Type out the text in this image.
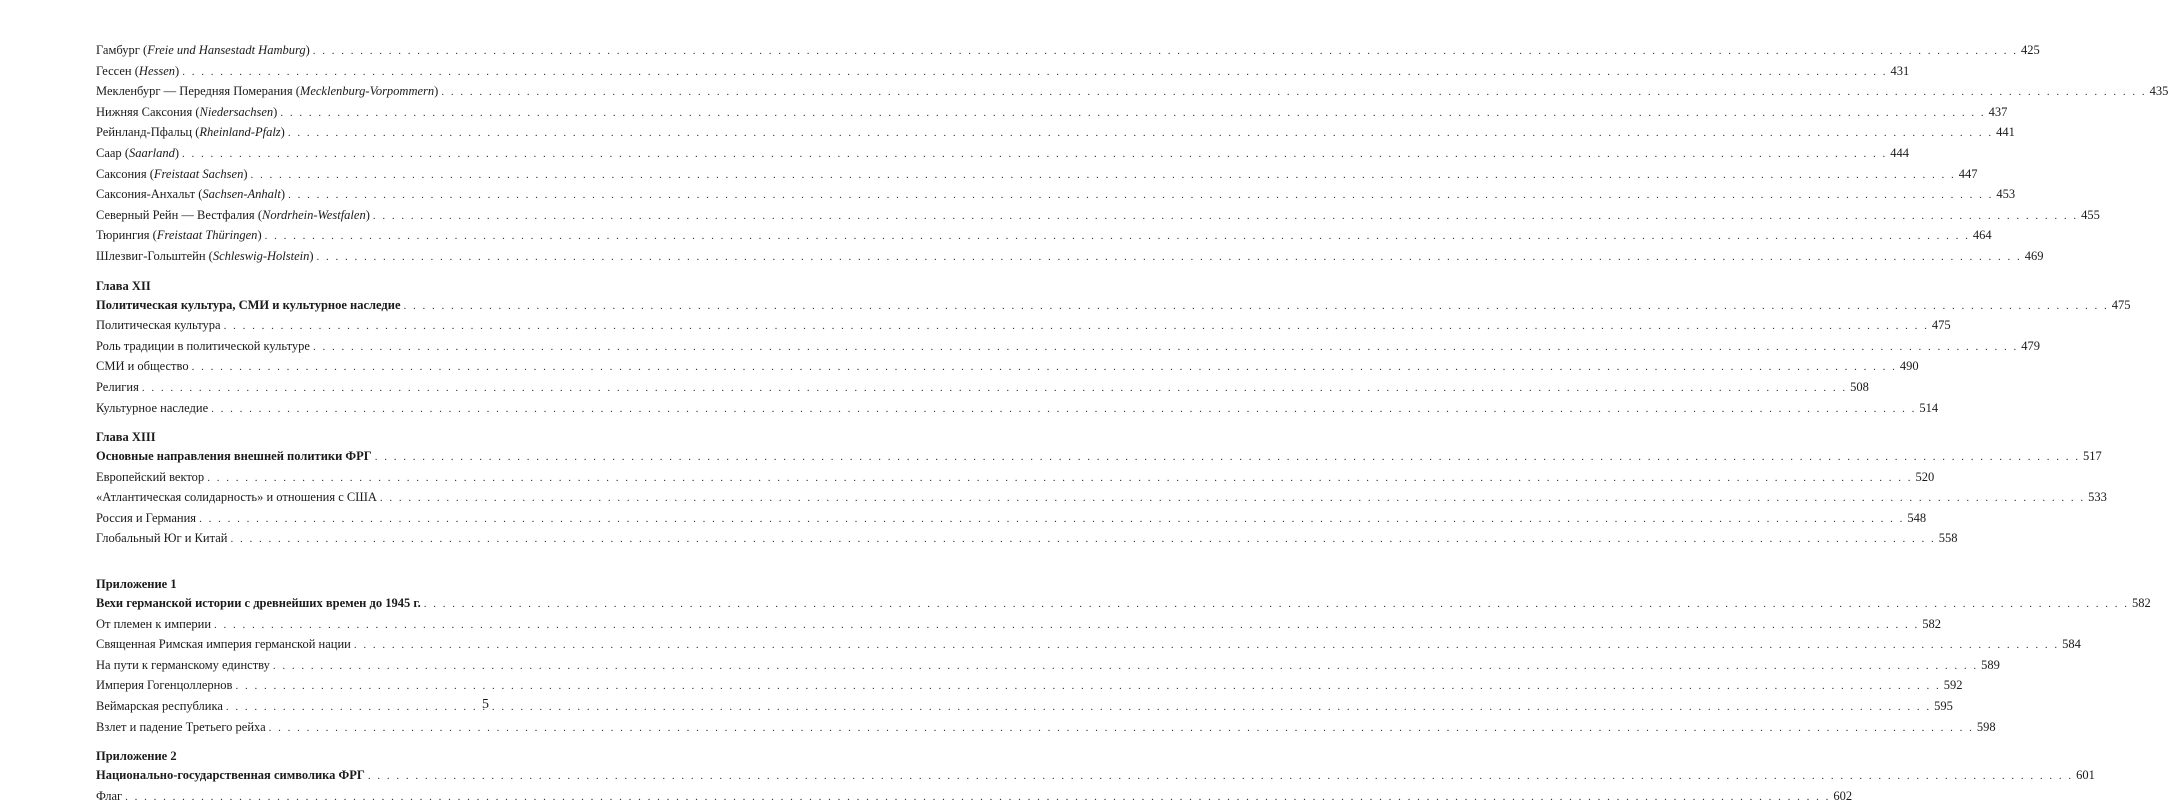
Гамбург (Freie und Hansestadt Hamburg) . . .	425
Гессен (Hessen) . . .	431
Мекленбург — Передняя Померания (Mecklenburg-Vorpommern) . . .	435
Нижняя Саксония (Niedersachsen) . . .	437
Рейнланд-Пфальц (Rheinland-Pfalz) . . .	441
Саар (Saarland) . . .	444
Саксония (Freistaat Sachsen) . . .	447
Саксония-Анхальт (Sachsen-Anhalt) . . .	453
Северный Рейн — Вестфалия (Nordrhein-Westfalen) . . .	455
Тюрингия (Freistaat Thüringen) . . .	464
Шлезвиг-Гольштейн (Schleswig-Holstein) . . .	469
Глава XII
Политическая культура, СМИ и культурное наследие . . .	475
Политическая культура . . .	475
Роль традиции в политической культуре . . .	479
СМИ и общество . . .	490
Религия . . .	508
Культурное наследие . . .	514
Глава XIII
Основные направления внешней политики ФРГ . . .	517
Европейский вектор . . .	520
«Атлантическая солидарность» и отношения с США . . .	533
Россия и Германия . . .	548
Глобальный Юг и Китай . . .	558
Приложение 1
Вехи германской истории с древнейших времен до 1945 г. . . .	582
От племен к империи . . .	582
Священная Римская империя германской нации . . .	584
На пути к германскому единству . . .	589
Империя Гогенцоллернов . . .	592
Веймарская республика . . .	595
Взлет и падение Третьего рейха . . .	598
Приложение 2
Национально-государственная символика ФРГ . . .	601
Флаг . . .	602
5
